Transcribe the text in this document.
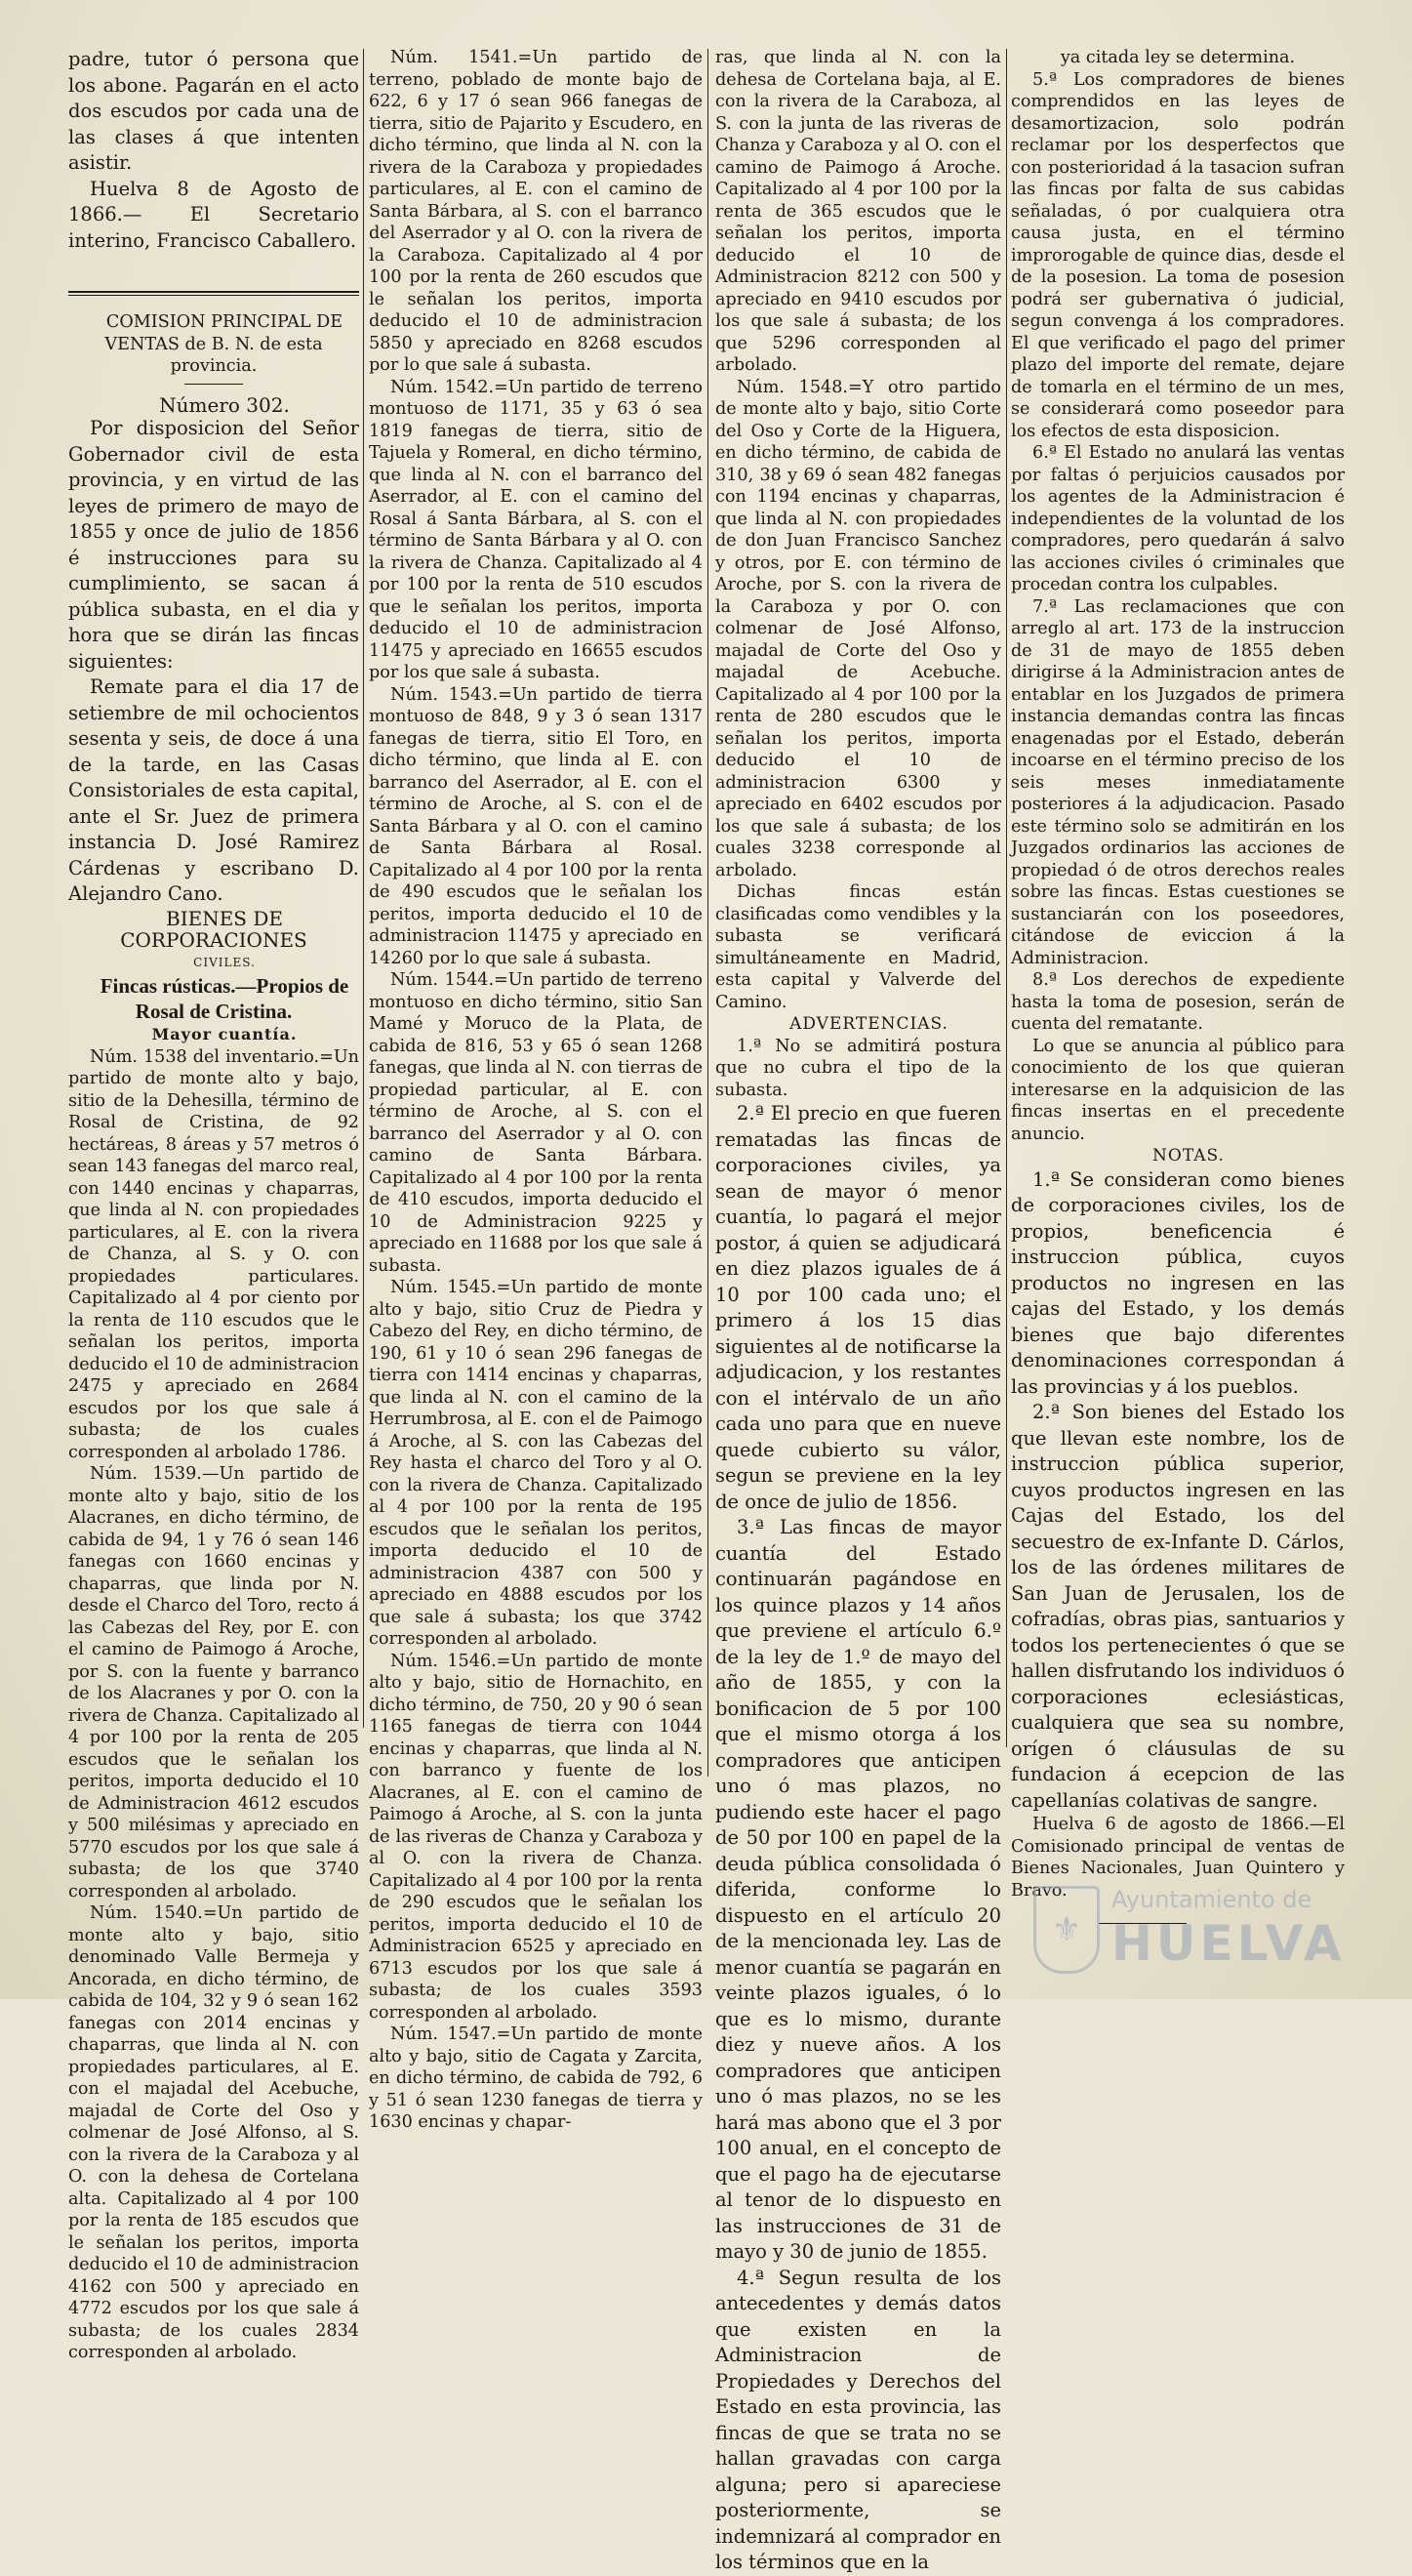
padre, tutor ó persona que los abone. Pagarán en el acto dos escudos por cada una de las clases á que intenten asistir.

Huelva 8 de Agosto de 1866.— El Secretario interino, Francisco Caballero.

COMISION PRINCIPAL DE VENTAS de B. N. de esta provincia.

Número 302.

Por disposicion del Señor Gobernador civil de esta provincia, y en virtud de las leyes de primero de mayo de 1855 y once de julio de 1856 é instrucciones para su cumplimiento, se sacan á pública subasta, en el dia y hora que se dirán las fincas siguientes:

Remate para el dia 17 de setiembre de mil ochocientos sesenta y seis, de doce á una de la tarde, en las Casas Consistoriales de esta capital, ante el Sr. Juez de primera instancia D. José Ramirez Cárdenas y escribano D. Alejandro Cano.

BIENES DE CORPORACIONES

CIVILES.

Fincas rústicas.—Propios de Rosal de Cristina.

Mayor cuantía.

Núm. 1538 del inventario.=Un partido de monte alto y bajo, sitio de la Dehesilla, término de Rosal de Cristina, de 92 hectáreas, 8 áreas y 57 metros ó sean 143 fanegas del marco real, con 1440 encinas y chaparras, que linda al N. con propiedades particulares, al E. con la rivera de Chanza, al S. y O. con propiedades particulares. Capitalizado al 4 por ciento por la renta de 110 escudos que le señalan los peritos, importa deducido el 10 de administracion 2475 y apreciado en 2684 escudos por los que sale á subasta; de los cuales corresponden al arbolado 1786.

Núm. 1539.—Un partido de monte alto y bajo, sitio de los Alacranes, en dicho término, de cabida de 94, 1 y 76 ó sean 146 fanegas con 1660 encinas y chaparras, que linda por N. desde el Charco del Toro, recto á las Cabezas del Rey, por E. con el camino de Paimogo á Aroche, por S. con la fuente y barranco de los Alacranes y por O. con la rivera de Chanza. Capitalizado al 4 por 100 por la renta de 205 escudos que le señalan los peritos, importa deducido el 10 de Administracion 4612 escudos y 500 milésimas y apreciado en 5770 escudos por los que sale á subasta; de los que 3740 corresponden al arbolado.

Núm. 1540.=Un partido de monte alto y bajo, sitio denominado Valle Bermeja y Ancorada, en dicho término, de cabida de 104, 32 y 9 ó sean 162 fanegas con 2014 encinas y chaparras, que linda al N. con propiedades particulares, al E. con el majadal del Acebuche, majadal de Corte del Oso y colmenar de José Alfonso, al S. con la rivera de la Caraboza y al O. con la dehesa de Cortelana alta. Capitalizado al 4 por 100 por la renta de 185 escudos que le señalan los peritos, importa deducido el 10 de administracion 4162 con 500 y apreciado en 4772 escudos por los que sale á subasta; de los cuales 2834 corresponden al arbolado.

Núm. 1541.=Un partido de terreno, poblado de monte bajo de 622, 6 y 17 ó sean 966 fanegas de tierra, sitio de Pajarito y Escudero, en dicho término, que linda al N. con la rivera de la Caraboza y propiedades particulares, al E. con el camino de Santa Bárbara, al S. con el barranco del Aserrador y al O. con la rivera de la Caraboza. Capitalizado al 4 por 100 por la renta de 260 escudos que le señalan los peritos, importa deducido el 10 de administracion 5850 y apreciado en 8268 escudos por lo que sale á subasta.

Núm. 1542.=Un partido de terreno montuoso de 1171, 35 y 63 ó sea 1819 fanegas de tierra, sitio de Tajuela y Romeral, en dicho término, que linda al N. con el barranco del Aserrador, al E. con el camino del Rosal á Santa Bárbara, al S. con el término de Santa Bárbara y al O. con la rivera de Chanza. Capitalizado al 4 por 100 por la renta de 510 escudos que le señalan los peritos, importa deducido el 10 de administracion 11475 y apreciado en 16655 escudos por los que sale á subasta.

Núm. 1543.=Un partido de tierra montuoso de 848, 9 y 3 ó sean 1317 fanegas de tierra, sitio El Toro, en dicho término, que linda al E. con barranco del Aserrador, al E. con el término de Aroche, al S. con el de Santa Bárbara y al O. con el camino de Santa Bárbara al Rosal. Capitalizado al 4 por 100 por la renta de 490 escudos que le señalan los peritos, importa deducido el 10 de administracion 11475 y apreciado en 14260 por lo que sale á subasta.

Núm. 1544.=Un partido de terreno montuoso en dicho término, sitio San Mamé y Moruco de la Plata, de cabida de 816, 53 y 65 ó sean 1268 fanegas, que linda al N. con tierras de propiedad particular, al E. con término de Aroche, al S. con el barranco del Aserrador y al O. con camino de Santa Bárbara. Capitalizado al 4 por 100 por la renta de 410 escudos, importa deducido el 10 de Administracion 9225 y apreciado en 11688 por los que sale á subasta.

Núm. 1545.=Un partido de monte alto y bajo, sitio Cruz de Piedra y Cabezo del Rey, en dicho término, de 190, 61 y 10 ó sean 296 fanegas de tierra con 1414 encinas y chaparras, que linda al N. con el camino de la Herrumbrosa, al E. con el de Paimogo á Aroche, al S. con las Cabezas del Rey hasta el charco del Toro y al O. con la rivera de Chanza. Capitalizado al 4 por 100 por la renta de 195 escudos que le señalan los peritos, importa deducido el 10 de administracion 4387 con 500 y apreciado en 4888 escudos por los que sale á subasta; los que 3742 corresponden al arbolado.

Núm. 1546.=Un partido de monte alto y bajo, sitio de Hornachito, en dicho término, de 750, 20 y 90 ó sean 1165 fanegas de tierra con 1044 encinas y chaparras, que linda al N. con barranco y fuente de los Alacranes, al E. con el camino de Paimogo á Aroche, al S. con la junta de las riveras de Chanza y Caraboza y al O. con la rivera de Chanza. Capitalizado al 4 por 100 por la renta de 290 escudos que le señalan los peritos, importa deducido el 10 de Administracion 6525 y apreciado en 6713 escudos por los que sale á subasta; de los cuales 3593 corresponden al arbolado.

Núm. 1547.=Un partido de monte alto y bajo, sitio de Cagata y Zarcita, en dicho término, de cabida de 792, 6 y 51 ó sean 1230 fanegas de tierra y 1630 encinas y chapar-

ras, que linda al N. con la dehesa de Cortelana baja, al E. con la rivera de la Caraboza, al S. con la junta de las riveras de Chanza y Caraboza y al O. con el camino de Paimogo á Aroche. Capitalizado al 4 por 100 por la renta de 365 escudos que le señalan los peritos, importa deducido el 10 de Administracion 8212 con 500 y apreciado en 9410 escudos por los que sale á subasta; de los que 5296 corresponden al arbolado.

Núm. 1548.=Y otro partido de monte alto y bajo, sitio Corte del Oso y Corte de la Higuera, en dicho término, de cabida de 310, 38 y 69 ó sean 482 fanegas con 1194 encinas y chaparras, que linda al N. con propiedades de don Juan Francisco Sanchez y otros, por E. con término de Aroche, por S. con la rivera de la Caraboza y por O. con colmenar de José Alfonso, majadal de Corte del Oso y majadal de Acebuche. Capitalizado al 4 por 100 por la renta de 280 escudos que le señalan los peritos, importa deducido el 10 de administracion 6300 y apreciado en 6402 escudos por los que sale á subasta; de los cuales 3238 corresponde al arbolado.

Dichas fincas están clasificadas como vendibles y la subasta se verificará simultáneamente en Madrid, esta capital y Valverde del Camino.

ADVERTENCIAS.

1.ª No se admitirá postura que no cubra el tipo de la subasta.

2.ª El precio en que fueren rematadas las fincas de corporaciones civiles, ya sean de mayor ó menor cuantía, lo pagará el mejor postor, á quien se adjudicará en diez plazos iguales de á 10 por 100 cada uno; el primero á los 15 dias siguientes al de notificarse la adjudicacion, y los restantes con el intérvalo de un año cada uno para que en nueve quede cubierto su válor, segun se previene en la ley de once de julio de 1856.

3.ª Las fincas de mayor cuantía del Estado continuarán pagándose en los quince plazos y 14 años que previene el artículo 6.º de la ley de 1.º de mayo del año de 1855, y con la bonificacion de 5 por 100 que el mismo otorga á los compradores que anticipen uno ó mas plazos, no pudiendo este hacer el pago de 50 por 100 en papel de la deuda pública consolidada ó diferida, conforme lo dispuesto en el artículo 20 de la mencionada ley. Las de menor cuantía se pagarán en veinte plazos iguales, ó lo que es lo mismo, durante diez y nueve años. A los compradores que anticipen uno ó mas plazos, no se les hará mas abono que el 3 por 100 anual, en el concepto de que el pago ha de ejecutarse al tenor de lo dispuesto en las instrucciones de 31 de mayo y 30 de junio de 1855.

4.ª Segun resulta de los antecedentes y demás datos que existen en la Administracion de Propiedades y Derechos del Estado en esta provincia, las fincas de que se trata no se hallan gravadas con carga alguna; pero si apareciese posteriormente, se indemnizará al comprador en los términos que en la

ya citada ley se determina.

5.ª Los compradores de bienes comprendidos en las leyes de desamortizacion, solo podrán reclamar por los desperfectos que con posterioridad á la tasacion sufran las fincas por falta de sus cabidas señaladas, ó por cualquiera otra causa justa, en el término improrogable de quince dias, desde el de la posesion. La toma de posesion podrá ser gubernativa ó judicial, segun convenga á los compradores. El que verificado el pago del primer plazo del importe del remate, dejare de tomarla en el término de un mes, se considerará como poseedor para los efectos de esta disposicion.

6.ª El Estado no anulará las ventas por faltas ó perjuicios causados por los agentes de la Administracion é independientes de la voluntad de los compradores, pero quedarán á salvo las acciones civiles ó criminales que procedan contra los culpables.

7.ª Las reclamaciones que con arreglo al art. 173 de la instruccion de 31 de mayo de 1855 deben dirigirse á la Administracion antes de entablar en los Juzgados de primera instancia demandas contra las fincas enagenadas por el Estado, deberán incoarse en el término preciso de los seis meses inmediatamente posteriores á la adjudicacion. Pasado este término solo se admitirán en los Juzgados ordinarios las acciones de propiedad ó de otros derechos reales sobre las fincas. Estas cuestiones se sustanciarán con los poseedores, citándose de eviccion á la Administracion.

8.ª Los derechos de expediente hasta la toma de posesion, serán de cuenta del rematante.

Lo que se anuncia al público para conocimiento de los que quieran interesarse en la adquisicion de las fincas insertas en el precedente anuncio.

NOTAS.

1.ª Se consideran como bienes de corporaciones civiles, los de propios, beneficencia é instruccion pública, cuyos productos no ingresen en las cajas del Estado, y los demás bienes que bajo diferentes denominaciones correspondan á las provincias y á los pueblos.

2.ª Son bienes del Estado los que llevan este nombre, los de instruccion pública superior, cuyos productos ingresen en las Cajas del Estado, los del secuestro de ex-Infante D. Cárlos, los de las órdenes militares de San Juan de Jerusalen, los de cofradías, obras pias, santuarios y todos los pertenecientes ó que se hallen disfrutando los individuos ó corporaciones eclesiásticas, cualquiera que sea su nombre, orígen ó cláusulas de su fundacion á ecepcion de las capellanías colativas de sangre.

Huelva 6 de agosto de 1866.—El Comisionado principal de ventas de Bienes Nacionales, Juan Quintero y Bravo.

⚜
Ayuntamiento de
HUELVA
